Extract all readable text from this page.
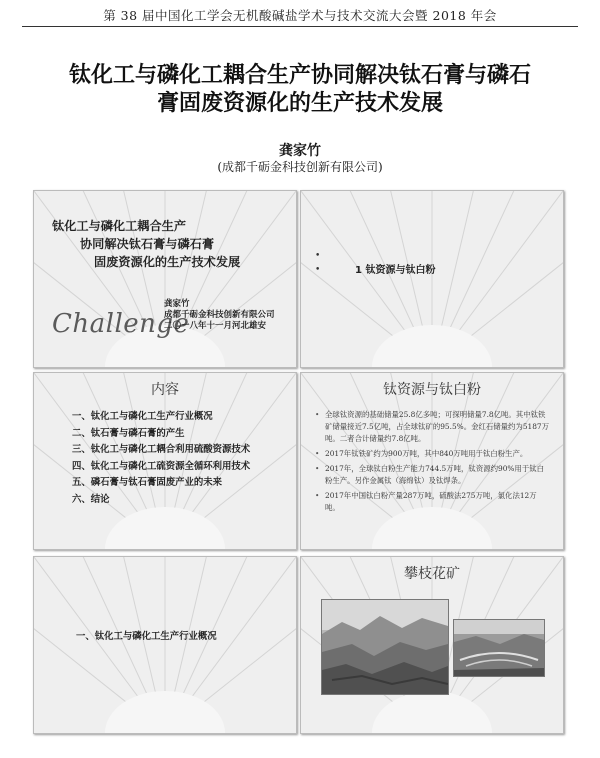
第 38 届中国化工学会无机酸碱盐学术与技术交流大会暨 2018 年会
钛化工与磷化工耦合生产协同解决钛石膏与磷石
膏固废资源化的生产技术发展
龚家竹
(成都千砺金科技创新有限公司)
Challenge
钛化工与磷化工耦合生产
协同解决钛石膏与磷石膏
固废资源化的生产技术发展
龚家竹
成都千砺金科技创新有限公司
二〇一八年十一月河北雄安
•
•	1 钛资源与钛白粉
内容
一、钛化工与磷化工生产行业概况
二、钛石膏与磷石膏的产生
三、钛化工与磷化工耦合利用硫酸资源技术
四、钛化工与磷化工硫资源全循环利用技术
五、磷石膏与钛石膏固废产业的未来
六、结论
钛资源与钛白粉
• 全球钛资源的基础储量25.8亿多吨；可探明储量7.8亿吨。其中钛铁矿储量接近7.5亿吨，占全球钛矿的95.5%。金红石储量约为5187万吨。二者合计储量约7.8亿吨。
• 2017年钛铁矿约为900万吨，其中840万吨用于钛白粉生产。
• 2017年，全球钛白粉生产能力744.5万吨，钛资源约90%用于钛白粉生产。另作金属钛（海绵钛）及钛焊条。
• 2017年中国钛白粉产量287万吨，硫酸法275万吨，氯化法12万吨。
一、钛化工与磷化工生产行业概况
攀枝花矿
